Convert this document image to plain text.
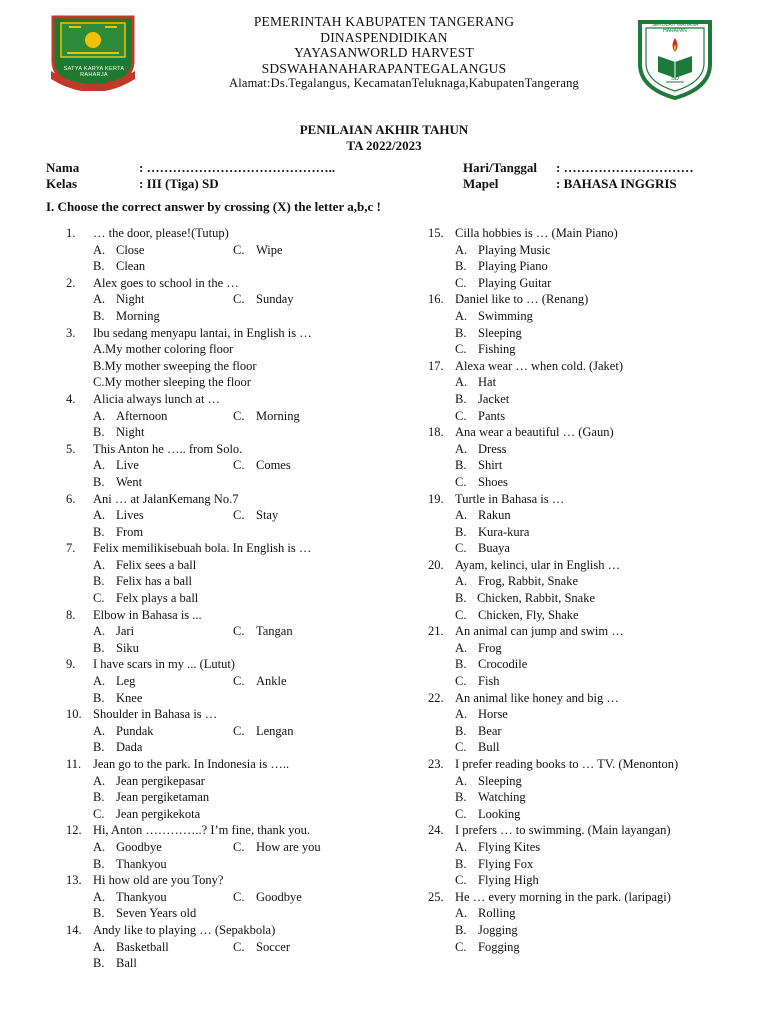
SATYA KARYA KERTA RAHARJA
SEKOLAH WAHANA HARAPAN
SD
PEMERINTAH KABUPATEN TANGERANG
DINASPENDIDIKAN
YAYASANWORLD HARVEST
SDSWAHANAHARAPANTEGALANGUS
Alamat:Ds.Tegalangus, KecamatanTeluknaga,KabupatenTangerang
PENILAIAN AKHIR TAHUN
TA 2022/2023
Nama	: ……………………………………..
Kelas	: III (Tiga) SD
Hari/Tanggal : …………………………
Mapel	: BAHASA INGGRIS
I. Choose the correct answer by crossing (X) the letter a,b,c !
1.	… the door, please!(Tutup)
A. Close	C. Wipe
B. Clean
2.	Alex goes to school in the …
A. Night	C. Sunday
B. Morning
3.	Ibu sedang menyapu lantai, in English is …
A. My mother coloring floor
B. My mother sweeping the floor
C. My mother sleeping the floor
4.	Alicia always lunch at …
A. Afternoon	C. Morning
B. Night
5.	This Anton he ….. from Solo.
A. Live	C. Comes
B. Went
6.	Ani … at JalanKemang No.7
A. Lives	C. Stay
B. From
7.	Felix memilikisebuah bola. In English is …
A. Felix sees a ball
B. Felix has a ball
C. Felx plays a ball
8.	Elbow in Bahasa is ...
A. Jari	C. Tangan
B. Siku
9.	I have scars in my ... (Lutut)
A. Leg	C. Ankle
B. Knee
10. Shoulder in Bahasa is …
A. Pundak	C. Lengan
B. Dada
11. Jean go to the park. In Indonesia is …..
A. Jean pergikepasar
B. Jean pergiketaman
C. Jean pergikekota
12. Hi, Anton …………..? I’m fine, thank you.
A. Goodbye	C. How are you
B. Thankyou
13. Hi how old are you Tony?
A. Thankyou	C. Goodbye
B. Seven Years old
14. Andy like to playing … (Sepakbola)
A. Basketball	C. Soccer
B. Ball
15. Cilla hobbies is … (Main Piano)
A. Playing Music
B. Playing Piano
C. Playing Guitar
16. Daniel like to … (Renang)
A. Swimming
B. Sleeping
C. Fishing
17. Alexa wear … when cold. (Jaket)
A. Hat
B. Jacket
C. Pants
18. Ana wear a beautiful … (Gaun)
A. Dress
B. Shirt
C. Shoes
19. Turtle in Bahasa is …
A. Rakun
B. Kura-kura
C. Buaya
20. Ayam, kelinci, ular in English …
A. Frog, Rabbit, Snake
B. Chicken, Rabbit, Snake
C. Chicken, Fly, Shake
21. An animal can jump and swim …
A. Frog
B. Crocodile
C. Fish
22. An animal like honey and big …
A. Horse
B. Bear
C. Bull
23. I prefer reading books to … TV. (Menonton)
A. Sleeping
B. Watching
C. Looking
24. I prefers … to swimming. (Main layangan)
A. Flying Kites
B. Flying Fox
C. Flying High
25. He … every morning in the park. (laripagi)
A. Rolling
B. Jogging
C. Fogging
